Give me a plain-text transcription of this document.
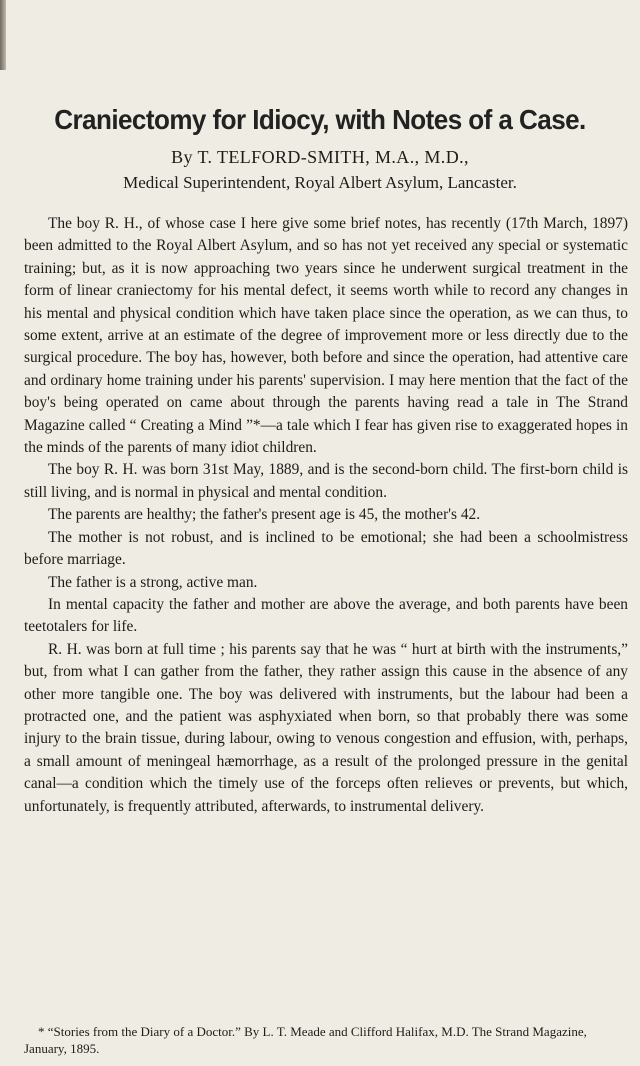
Craniectomy for Idiocy, with Notes of a Case.
By T. TELFORD-SMITH, M.A., M.D.,
Medical Superintendent, Royal Albert Asylum, Lancaster.

The boy R. H., of whose case I here give some brief notes, has recently (17th March, 1897) been admitted to the Royal Albert Asylum, and so has not yet received any special or systematic training; but, as it is now approaching two years since he underwent surgical treatment in the form of linear craniectomy for his mental defect, it seems worth while to record any changes in his mental and physical condition which have taken place since the operation, as we can thus, to some extent, arrive at an estimate of the degree of improvement more or less directly due to the surgical procedure. The boy has, however, both before and since the operation, had attentive care and ordinary home training under his parents' supervision. I may here mention that the fact of the boy's being operated on came about through the parents having read a tale in The Strand Magazine called “ Creating a Mind ”*—a tale which I fear has given rise to exaggerated hopes in the minds of the parents of many idiot children.

The boy R. H. was born 31st May, 1889, and is the second-born child. The first-born child is still living, and is normal in physical and mental condition.

The parents are healthy; the father's present age is 45, the mother's 42.

The mother is not robust, and is inclined to be emotional; she had been a schoolmistress before marriage.

The father is a strong, active man.

In mental capacity the father and mother are above the average, and both parents have been teetotalers for life.

R. H. was born at full time ; his parents say that he was “ hurt at birth with the instruments,” but, from what I can gather from the father, they rather assign this cause in the absence of any other more tangible one. The boy was delivered with instruments, but the labour had been a protracted one, and the patient was asphyxiated when born, so that probably there was some injury to the brain tissue, during labour, owing to venous congestion and effusion, with, perhaps, a small amount of meningeal hæmorrhage, as a result of the prolonged pressure in the genital canal—a condition which the timely use of the forceps often relieves or prevents, but which, unfortunately, is frequently attributed, afterwards, to instrumental delivery.

* “Stories from the Diary of a Doctor.” By L. T. Meade and Clifford Halifax, M.D. The Strand Magazine, January, 1895.
